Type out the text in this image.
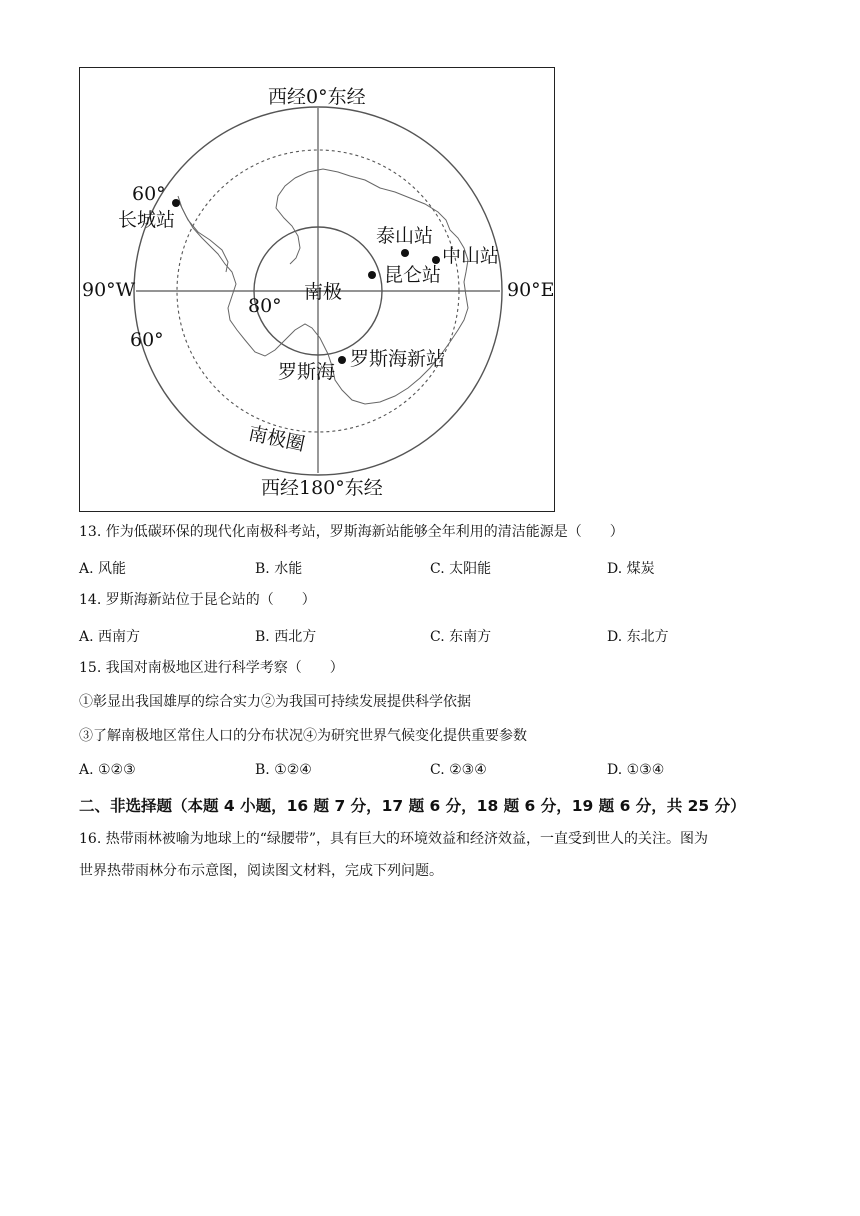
西经0°东经
西经180°东经
90°W	90°E
60°
60°
80°
南极
南极圈
罗斯海
长城站
泰山站
中山站
昆仑站
罗斯海新站
13. 作为低碳环保的现代化南极科考站，罗斯海新站能够全年利用的清洁能源是（　　）
A. 风能	B. 水能	C. 太阳能	D. 煤炭
14. 罗斯海新站位于昆仑站的（　　）
A. 西南方	B. 西北方	C. 东南方	D. 东北方
15. 我国对南极地区进行科学考察（　　）
①彰显出我国雄厚的综合实力②为我国可持续发展提供科学依据
③了解南极地区常住人口的分布状况④为研究世界气候变化提供重要参数
A. ①②③	B. ①②④	C. ②③④	D. ①③④
二、非选择题（本题 4 小题，16 题 7 分，17 题 6 分，18 题 6 分，19 题 6 分，共 25 分）
16. 热带雨林被喻为地球上的“绿腰带”，具有巨大的环境效益和经济效益，一直受到世人的关注。图为
世界热带雨林分布示意图，阅读图文材料，完成下列问题。
